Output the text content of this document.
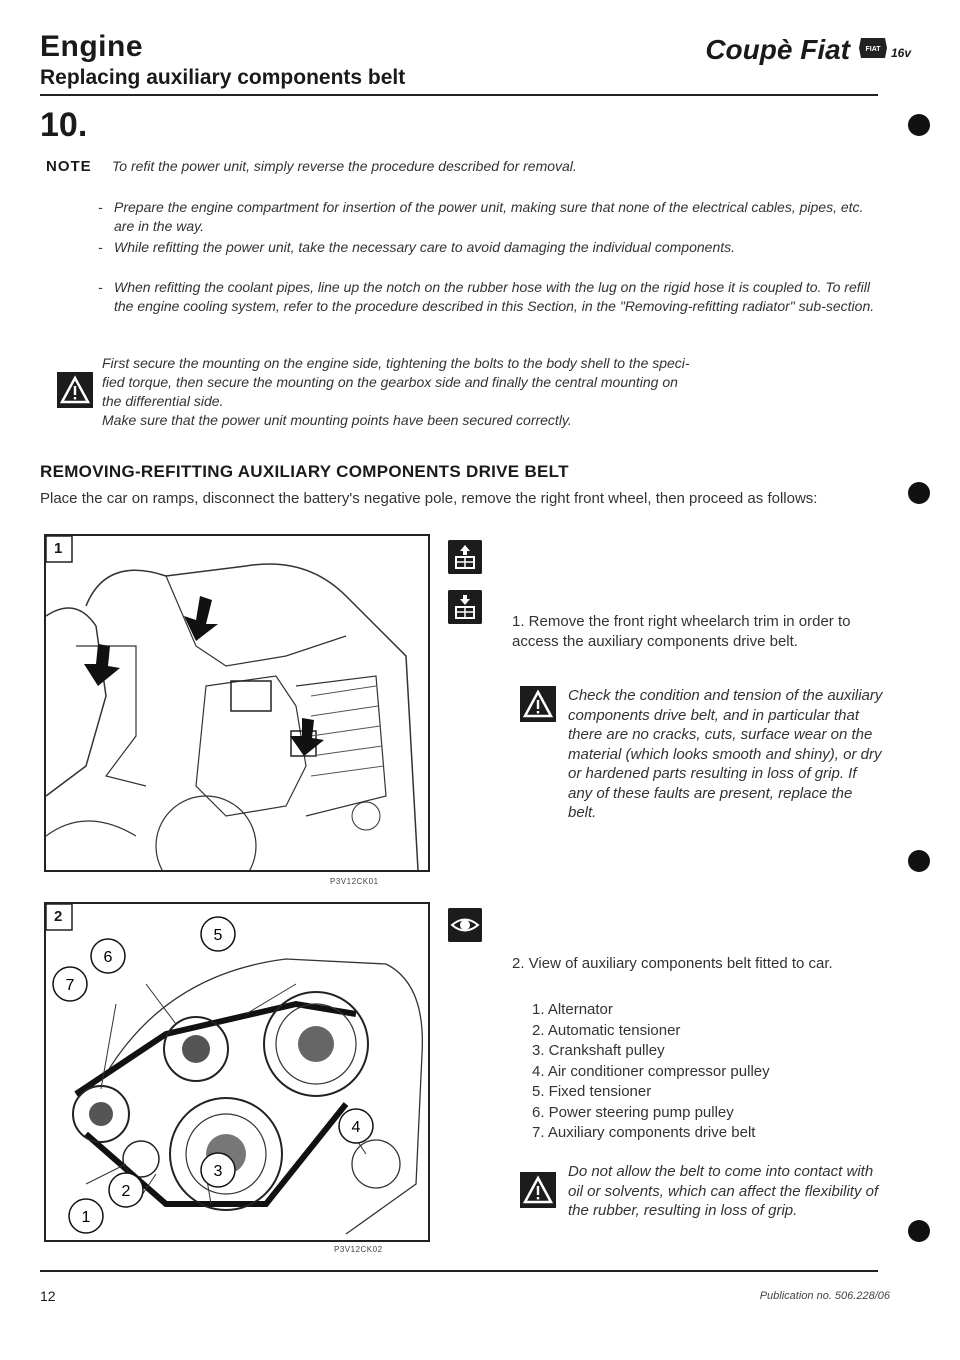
Engine
Replacing auxiliary components belt
Coupè Fiat FIAT 16v
10.
NOTE To refit the power unit, simply reverse the procedure described for removal.
- Prepare the engine compartment for insertion of the power unit, making sure that none of the electrical cables, pipes, etc. are in the way.
- While refitting the power unit, take the necessary care to avoid damaging the individual components.
- When refitting the coolant pipes, line up the notch on the rubber hose with the lug on the rigid hose it is coupled to. To refill the engine cooling system, refer to the procedure described in this Section, in the "Removing-refitting radiator" sub-section.
First secure the mounting on the engine side, tightening the bolts to the body shell to the speci-
fied torque, then secure the mounting on the gearbox side and finally the central mounting on
the differential side.
Make sure that the power unit mounting points have been secured correctly.
REMOVING-REFITTING AUXILIARY COMPONENTS DRIVE BELT
Place the car on ramps, disconnect the battery's negative pole, remove the right front wheel, then proceed as follows:
1
P3V12CK01
1. Remove the front right wheelarch trim in order to access the auxiliary components drive belt.
Check the condition and tension of the auxiliary components drive belt, and in particular that there are no cracks, cuts, surface wear on the material (which looks smooth and shiny), or dry or hardened parts resulting in loss of grip. If any of these faults are present, replace the belt.
1
2
3
4
5
6
7
2
P3V12CK02
2. View of auxiliary components belt fitted to car.
1. Alternator
2. Automatic tensioner
3. Crankshaft pulley
4. Air conditioner compressor pulley
5. Fixed tensioner
6. Power steering pump pulley
7. Auxiliary components drive belt
Do not allow the belt to come into contact with oil or solvents, which can affect the flexibility of the rubber, resulting in loss of grip.
12	Publication no. 506.228/06
